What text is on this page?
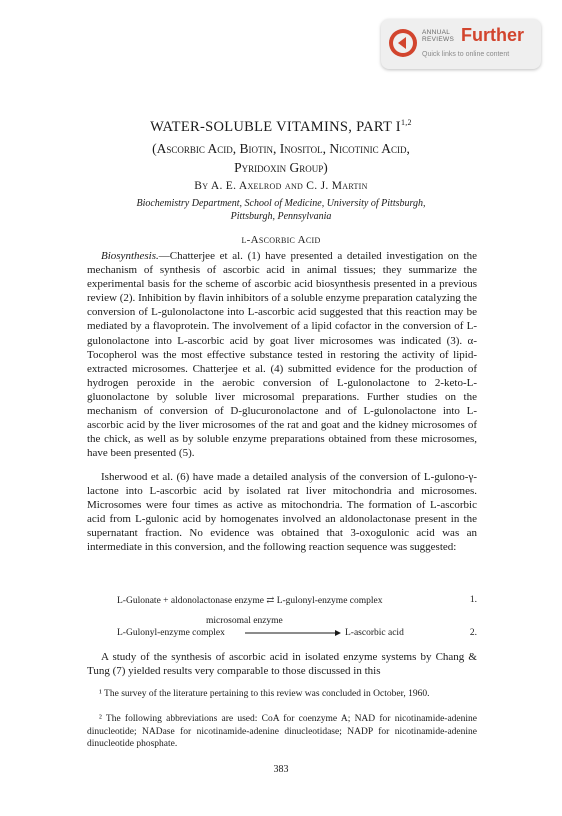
ANNUAL
REVIEWS Further
Quick links to online content
WATER-SOLUBLE VITAMINS, PART I$^{1,2}$
(Ascorbic Acid, Biotin, Inositol, Nicotinic Acid,
Pyridoxin Group)
By A. E. Axelrod and C. J. Martin
Biochemistry Department, School of Medicine, University of Pittsburgh,
Pittsburgh, Pennsylvania
l-Ascorbic Acid

Biosynthesis.—Chatterjee et al. (1) have presented a detailed investigation on the mechanism of synthesis of ascorbic acid in animal tissues; they summarize the experimental basis for the scheme of ascorbic acid biosynthesis presented in a previous review (2). Inhibition by flavin inhibitors of a soluble enzyme preparation catalyzing the conversion of L-gulonolactone into L-ascorbic acid suggested that this reaction may be mediated by a flavoprotein. The involvement of a lipid cofactor in the conversion of L-gulonolactone into L-ascorbic acid by goat liver microsomes was indicated (3). α-Tocopherol was the most effective substance tested in restoring the activity of lipid-extracted microsomes. Chatterjee et al. (4) submitted evidence for the production of hydrogen peroxide in the aerobic conversion of L-gulonolactone to 2-keto-L-gluonolactone by soluble liver microsomal preparations. Further studies on the mechanism of conversion of D-glucuronolactone and of L-gulonolactone into L-ascorbic acid by the liver microsomes of the rat and goat and the kidney microsomes of the chick, as well as by soluble enzyme preparations obtained from these microsomes, have been presented (5).

Isherwood et al. (6) have made a detailed analysis of the conversion of L-gulono-γ-lactone into L-ascorbic acid by isolated rat liver mitochondria and microsomes. Microsomes were four times as active as mitochondria. The formation of L-ascorbic acid from L-gulonic acid by homogenates involved an aldonolactonase present in the supernatant fraction. No evidence was obtained that 3-oxogulonic acid was an intermediate in this conversion, and the following reaction sequence was suggested:

L-Gulonate + aldonolactonase enzyme ⇄ L-gulonyl-enzyme complex	1.
microsomal enzyme
L-Gulonyl-enzyme complex	L-ascorbic acid	2.

A study of the synthesis of ascorbic acid in isolated enzyme systems by Chang & Tung (7) yielded results very comparable to those discussed in this

¹ The survey of the literature pertaining to this review was concluded in October, 1960.
² The following abbreviations are used: CoA for coenzyme A; NAD for nicotinamide-adenine dinucleotide; NADase for nicotinamide-adenine dinucleotidase; NADP for nicotinamide-adenine dinucleotide phosphate.
383
